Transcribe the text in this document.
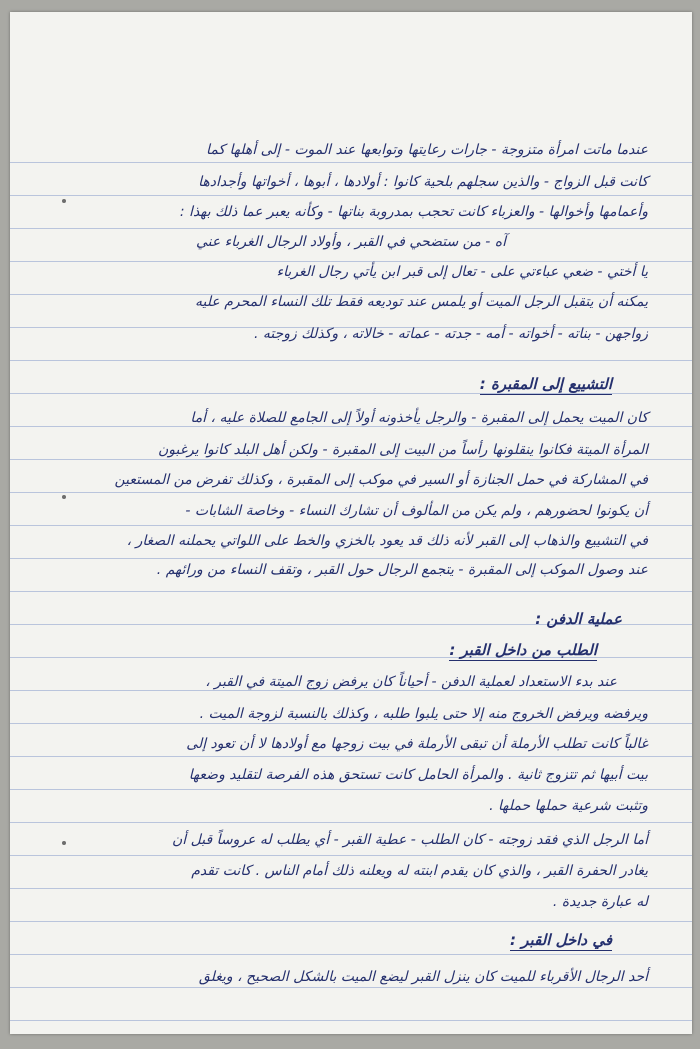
عندما ماتت امرأة متزوجة - جارات رعايتها وتوابعها عند الموت - إلى أهلها كما
كانت قبل الزواج - والذين سجلهم بلحية كانوا : أولادها ، أبوها ، أخواتها وأجدادها
وأعمامها وأخوالها - والعزباء كانت تحجب بمدروبة بناتها - وكأنه يعبر عما ذلك بهذا :
آه - من ستضحي في القبر ، وأولاد الرجال الغرباء عني
يا أختي - ضعي عباءتي على - تعال إلى قبر ابن يأتي رجال الغرباء
يمكنه أن يتقبل الرجل الميت أو يلمس عند توديعه فقط تلك النساء المحرم عليه
زواجهن - بناته - أخواته - أمه - جدته - عماته - خالاته ، وكذلك زوجته .
التشييع إلى المقبرة :
كان الميت يحمل إلى المقبرة - والرجل يأخذونه أولاً إلى الجامع للصلاة عليه ، أما
المرأة الميتة فكانوا ينقلونها رأساً من البيت إلى المقبرة - ولكن أهل البلد كانوا يرغبون
في المشاركة في حمل الجنازة أو السير في موكب إلى المقبرة ، وكذلك تفرض من المستعين
أن يكونوا لحضورهم ، ولم يكن من المألوف أن تشارك النساء - وخاصة الشابات -
في التشييع والذهاب إلى القبر لأنه ذلك قد يعود بالخزي والخط على اللواتي يحملنه الصغار ،
عند وصول الموكب إلى المقبرة - يتجمع الرجال حول القبر ، وتقف النساء من ورائهم .
عملية الدفن :
الطلب من داخل القبر :
عند بدء الاستعداد لعملية الدفن - أحياناً كان يرفض زوج الميتة في القبر ،
ويرفضه ويرفض الخروج منه إلا حتى يلبوا طلبه ، وكذلك بالنسبة لزوجة الميت .
غالباً كانت تطلب الأرملة أن تبقى الأرملة في بيت زوجها مع أولادها لا أن تعود إلى
بيت أبيها ثم تتزوج ثانية . والمرأة الحامل كانت تستحق هذه الفرصة لتقليد وضعها
وتثبت شرعية حملها حملها .
أما الرجل الذي فقد زوجته - كان الطلب - عطية القبر - أي يطلب له عروساً قبل أن
يغادر الحفرة القبر ، والذي كان يقدم ابنته له ويعلنه ذلك أمام الناس . كانت تقدم
له عبارة جديدة .
في داخل القبر :
أحد الرجال الأقرباء للميت كان ينزل القبر ليضع الميت بالشكل الصحيح ، ويغلق
